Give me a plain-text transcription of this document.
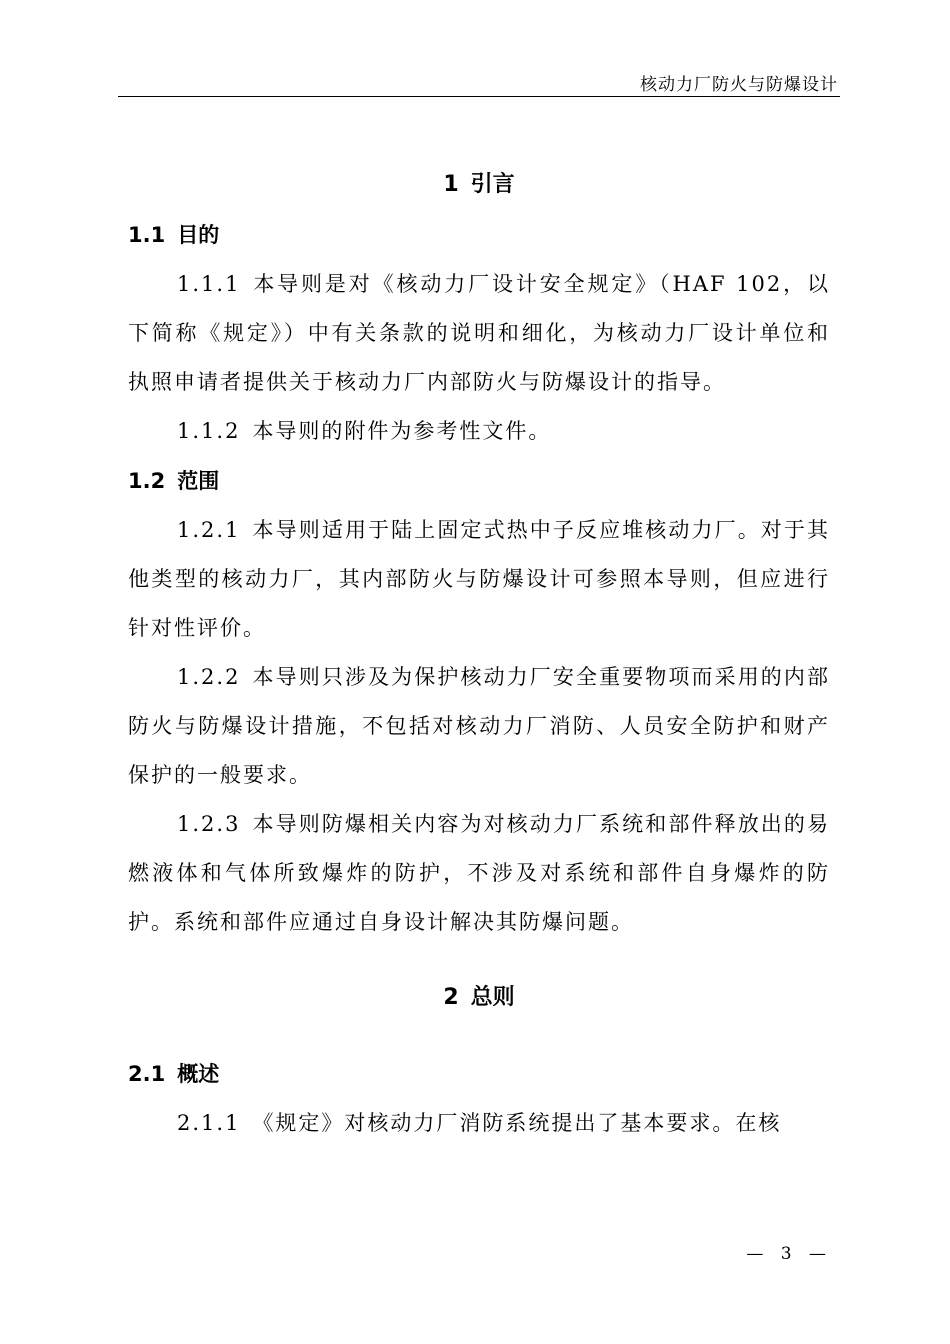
核动力厂防火与防爆设计
1 引言
1.1 目的

1.1.1 本导则是对《核动力厂设计安全规定》（HAF 102，以下简称《规定》）中有关条款的说明和细化，为核动力厂设计单位和执照申请者提供关于核动力厂内部防火与防爆设计的指导。

1.1.2 本导则的附件为参考性文件。

1.2 范围

1.2.1 本导则适用于陆上固定式热中子反应堆核动力厂。对于其他类型的核动力厂，其内部防火与防爆设计可参照本导则，但应进行针对性评价。

1.2.2 本导则只涉及为保护核动力厂安全重要物项而采用的内部防火与防爆设计措施，不包括对核动力厂消防、人员安全防护和财产保护的一般要求。

1.2.3 本导则防爆相关内容为对核动力厂系统和部件释放出的易燃液体和气体所致爆炸的防护，不涉及对系统和部件自身爆炸的防护。系统和部件应通过自身设计解决其防爆问题。

2 总则
2.1 概述

2.1.1 《规定》对核动力厂消防系统提出了基本要求。在核

— 3 —
